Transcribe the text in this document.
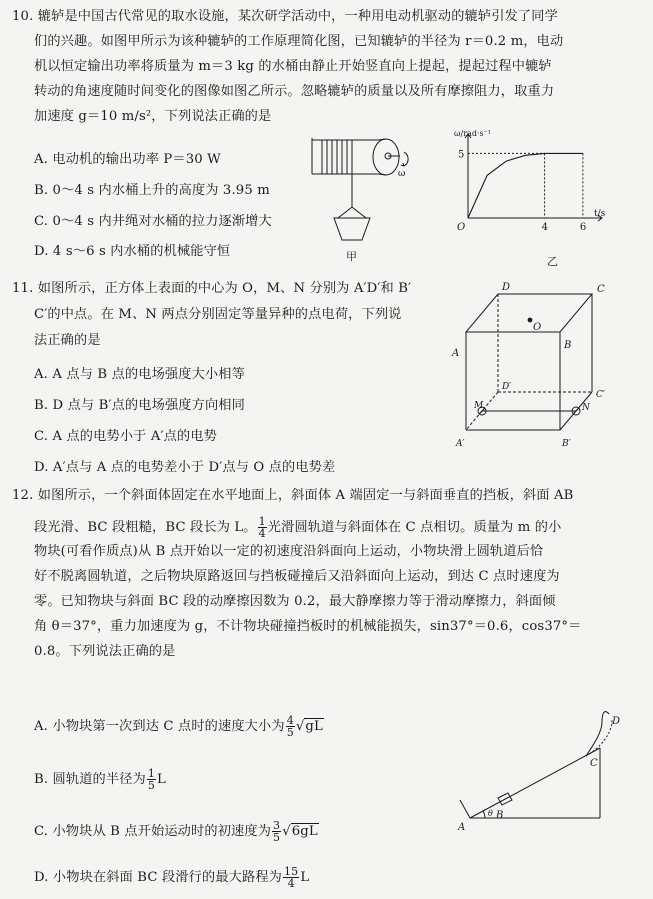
10. 辘轳是中国古代常见的取水设施，某次研学活动中，一种用电动机驱动的辘轳引发了同学
们的兴趣。如图甲所示为该种辘轳的工作原理简化图，已知辘轳的半径为 r＝0.2 m，电动
机以恒定输出功率将质量为 m＝3 kg 的水桶由静止开始竖直向上提起，提起过程中辘轳
转动的角速度随时间变化的图像如图乙所示。忽略辘轳的质量以及所有摩擦阻力，取重力
加速度 g＝10 m/s²，下列说法正确的是
A. 电动机的输出功率 P＝30 W
B. 0～4 s 内水桶上升的高度为 3.95 m
C. 0～4 s 内井绳对水桶的拉力逐渐增大
D. 4 s～6 s 内水桶的机械能守恒
ω
甲
ω/rad·s⁻¹
t/s
O
5
4	6
乙
11. 如图所示，正方体上表面的中心为 O，M、N 分别为 A′D′和 B′
C′的中点。在 M、N 两点分别固定等量异种的点电荷，下列说
法正确的是
A. A 点与 B 点的电场强度大小相等
B. D 点与 B′点的电场强度方向相同
C. A 点的电势小于 A′点的电势
D. A′点与 A 点的电势差小于 D′点与 O 点的电势差
D	C
O
A
B
D′
C′
M	N
A′	B′
12. 如图所示，一个斜面体固定在水平地面上，斜面体 A 端固定一与斜面垂直的挡板，斜面 AB
段光滑、BC 段粗糙，BC 段长为 L。 $\frac{1}{4}$ 光滑圆轨道与斜面体在 C 点相切。质量为 m 的小
物块(可看作质点)从 B 点开始以一定的初速度沿斜面向上运动，小物块滑上圆轨道后恰
好不脱离圆轨道，之后物块原路返回与挡板碰撞后又沿斜面向上运动，到达 C 点时速度为
零。已知物块与斜面 BC 段的动摩擦因数为 0.2，最大静摩擦力等于滑动摩擦力，斜面倾
角 θ＝37°，重力加速度为 g，不计物块碰撞挡板时的机械能损失，sin37°＝0.6，cos37°＝
0.8。下列说法正确的是
A. 小物块第一次到达 C 点时的速度大小为 $\frac{4}{5} √gL$
B. 圆轨道的半径为 $\frac{1}{5}$ L
C. 小物块从 B 点开始运动时的初速度为 $\frac{3}{5} √6gL$
D. 小物块在斜面 BC 段滑行的最大路程为 $\frac{15}{4}$ L
A
B
C
D
θ
